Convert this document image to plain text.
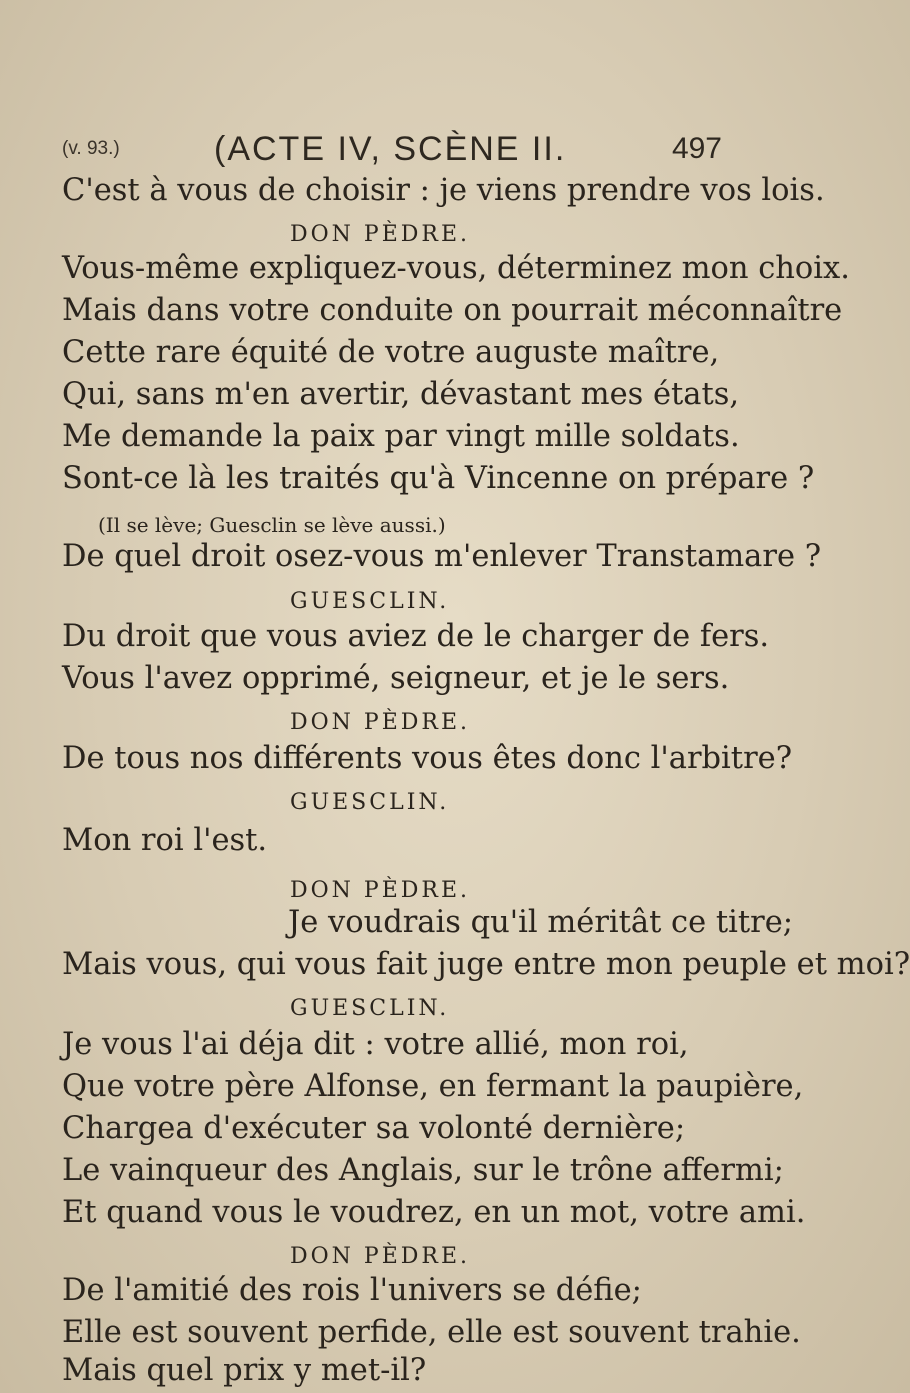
(v. 93.)	(ACTE IV, SCÈNE II.	497
C'est à vous de choisir : je viens prendre vos lois.
DON PÈDRE.
Vous-même expliquez-vous, déterminez mon choix.
Mais dans votre conduite on pourrait méconnaître
Cette rare équité de votre auguste maître,
Qui, sans m'en avertir, dévastant mes états,
Me demande la paix par vingt mille soldats.
Sont-ce là les traités qu'à Vincenne on prépare ?
(Il se lève; Guesclin se lève aussi.)
De quel droit osez-vous m'enlever Transtamare ?
GUESCLIN.
Du droit que vous aviez de le charger de fers.
Vous l'avez opprimé, seigneur, et je le sers.
DON PÈDRE.
De tous nos différents vous êtes donc l'arbitre?
GUESCLIN.
Mon roi l'est.
DON PÈDRE.
Je voudrais qu'il méritât ce titre;
Mais vous, qui vous fait juge entre mon peuple et moi?
GUESCLIN.
Je vous l'ai déja dit : votre allié, mon roi,
Que votre père Alfonse, en fermant la paupière,
Chargea d'exécuter sa volonté dernière;
Le vainqueur des Anglais, sur le trône affermi;
Et quand vous le voudrez, en un mot, votre ami.
DON PÈDRE.
De l'amitié des rois l'univers se défie;
Elle est souvent perfide, elle est souvent trahie.
Mais quel prix y met-il?
